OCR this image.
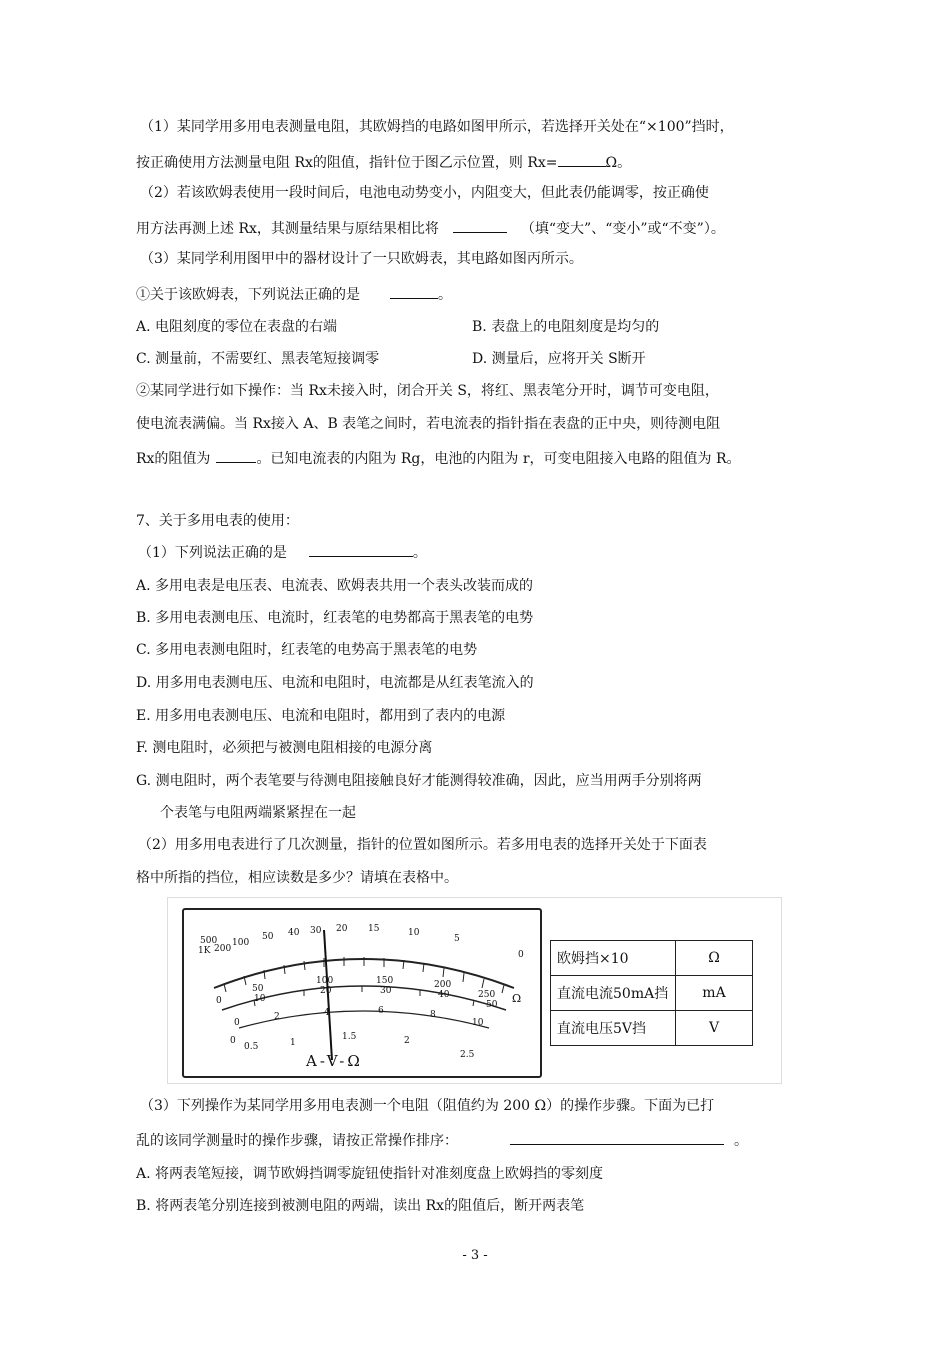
（1）某同学用多用电表测量电阻，其欧姆挡的电路如图甲所示，若选择开关处在“×100”挡时，
按正确使用方法测量电阻 Rx的阻值，指针位于图乙示位置，则 Rx=	Ω。
（2）若该欧姆表使用一段时间后，电池电动势变小，内阻变大，但此表仍能调零，按正确使
用方法再测上述 Rx，其测量结果与原结果相比将	（填“变大”、“变小”或“不变”）。
（3）某同学利用图甲中的器材设计了一只欧姆表，其电路如图丙所示。
①关于该欧姆表，下列说法正确的是	。
A. 电阻刻度的零位在表盘的右端	B. 表盘上的电阻刻度是均匀的
C. 测量前，不需要红、黑表笔短接调零	D. 测量后，应将开关 S断开
②某同学进行如下操作：当 Rx未接入时，闭合开关 S，将红、黑表笔分开时，调节可变电阻，
使电流表满偏。当 Rx接入 A、B 表笔之间时，若电流表的指针指在表盘的正中央，则待测电阻
Rx的阻值为	。已知电流表的内阻为 Rg，电池的内阻为 r，可变电阻接入电路的阻值为 R。
7、关于多用电表的使用：
（1）下列说法正确的是	。
A. 多用电表是电压表、电流表、欧姆表共用一个表头改装而成的
B. 多用电表测电压、电流时，红表笔的电势都高于黑表笔的电势
C. 多用电表测电阻时，红表笔的电势高于黑表笔的电势
D. 用多用电表测电压、电流和电阻时，电流都是从红表笔流入的
E. 用多用电表测电压、电流和电阻时，都用到了表内的电源
F. 测电阻时，必须把与被测电阻相接的电源分离
G. 测电阻时，两个表笔要与待测电阻接触良好才能测得较准确，因此，应当用两手分别将两
个表笔与电阻两端紧紧捏在一起
（2）用多用电表进行了几次测量，指针的位置如图所示。若多用电表的选择开关处于下面表
格中所指的挡位，相应读数是多少？请填在表格中。
500
1K 200
100
50 40 30 20 15	10
5
0
0
50
10
100
20
150
30
200
40	250
50
0
2	4	6	8
10
0
0.5	1
1.5	2
2.5
Ω
A-V-Ω
欧姆挡×10	Ω
直流电流50mA挡	mA
直流电压5V挡	V
（3）下列操作为某同学用多用电表测一个电阻（阻值约为 200 Ω）的操作步骤。下面为已打
乱的该同学测量时的操作步骤，请按正常操作排序：	。
A. 将两表笔短接，调节欧姆挡调零旋钮使指针对准刻度盘上欧姆挡的零刻度
B. 将两表笔分别连接到被测电阻的两端，读出 Rx的阻值后，断开两表笔
- 3 -
